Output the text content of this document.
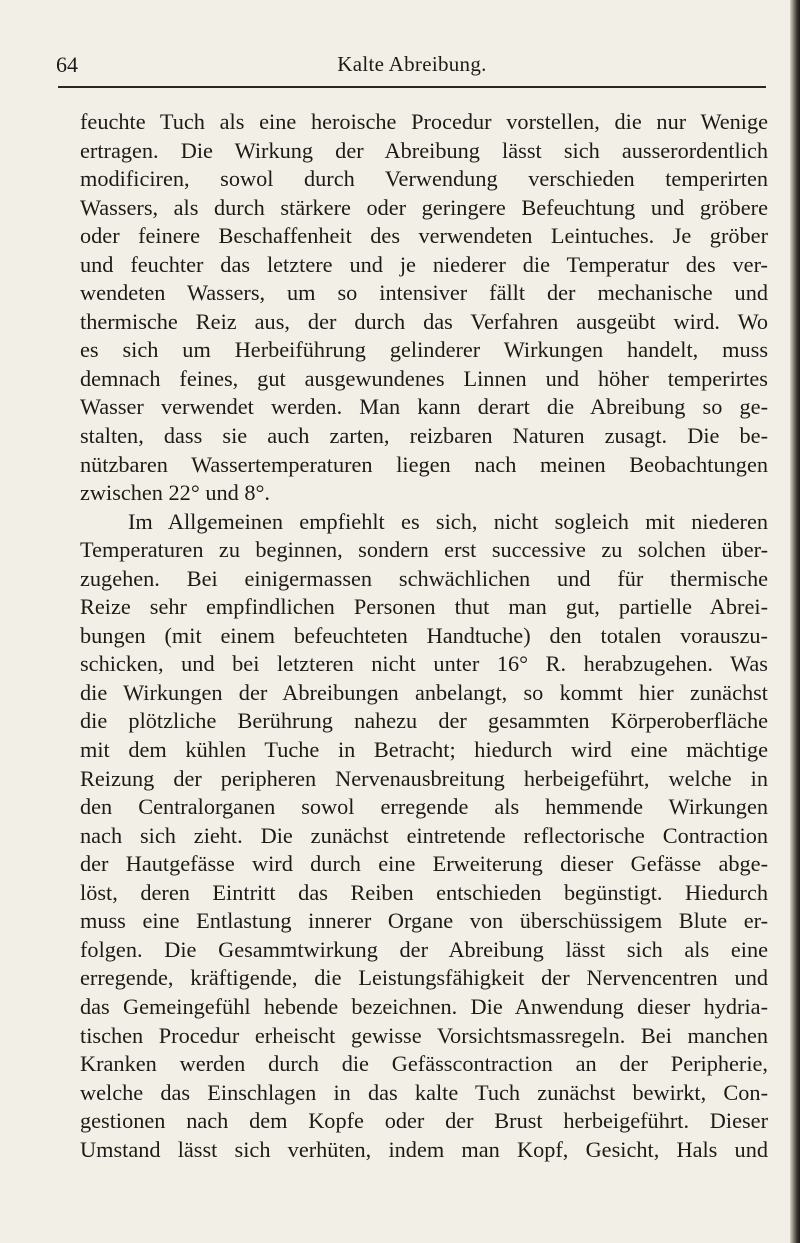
64	Kalte Abreibung.
feuchte Tuch als eine heroische Procedur vorstellen, die nur Wenige
ertragen. Die Wirkung der Abreibung lässt sich ausserordentlich
modificiren, sowol durch Verwendung verschieden temperirten
Wassers, als durch stärkere oder geringere Befeuchtung und gröbere
oder feinere Beschaffenheit des verwendeten Leintuches. Je gröber
und feuchter das letztere und je niederer die Temperatur des ver-
wendeten Wassers, um so intensiver fällt der mechanische und
thermische Reiz aus, der durch das Verfahren ausgeübt wird. Wo
es sich um Herbeiführung gelinderer Wirkungen handelt, muss
demnach feines, gut ausgewundenes Linnen und höher temperirtes
Wasser verwendet werden. Man kann derart die Abreibung so ge-
stalten, dass sie auch zarten, reizbaren Naturen zusagt. Die be-
nützbaren Wassertemperaturen liegen nach meinen Beobachtungen
zwischen 22° und 8°.
Im Allgemeinen empfiehlt es sich, nicht sogleich mit niederen
Temperaturen zu beginnen, sondern erst successive zu solchen über-
zugehen. Bei einigermassen schwächlichen und für thermische
Reize sehr empfindlichen Personen thut man gut, partielle Abrei-
bungen (mit einem befeuchteten Handtuche) den totalen vorauszu-
schicken, und bei letzteren nicht unter 16° R. herabzugehen. Was
die Wirkungen der Abreibungen anbelangt, so kommt hier zunächst
die plötzliche Berührung nahezu der gesammten Körperoberfläche
mit dem kühlen Tuche in Betracht; hiedurch wird eine mächtige
Reizung der peripheren Nervenausbreitung herbeigeführt, welche in
den Centralorganen sowol erregende als hemmende Wirkungen
nach sich zieht. Die zunächst eintretende reflectorische Contraction
der Hautgefässe wird durch eine Erweiterung dieser Gefässe abge-
löst, deren Eintritt das Reiben entschieden begünstigt. Hiedurch
muss eine Entlastung innerer Organe von überschüssigem Blute er-
folgen. Die Gesammtwirkung der Abreibung lässt sich als eine
erregende, kräftigende, die Leistungsfähigkeit der Nervencentren und
das Gemeingefühl hebende bezeichnen. Die Anwendung dieser hydria-
tischen Procedur erheischt gewisse Vorsichtsmassregeln. Bei manchen
Kranken werden durch die Gefässcontraction an der Peripherie,
welche das Einschlagen in das kalte Tuch zunächst bewirkt, Con-
gestionen nach dem Kopfe oder der Brust herbeigeführt. Dieser
Umstand lässt sich verhüten, indem man Kopf, Gesicht, Hals und
